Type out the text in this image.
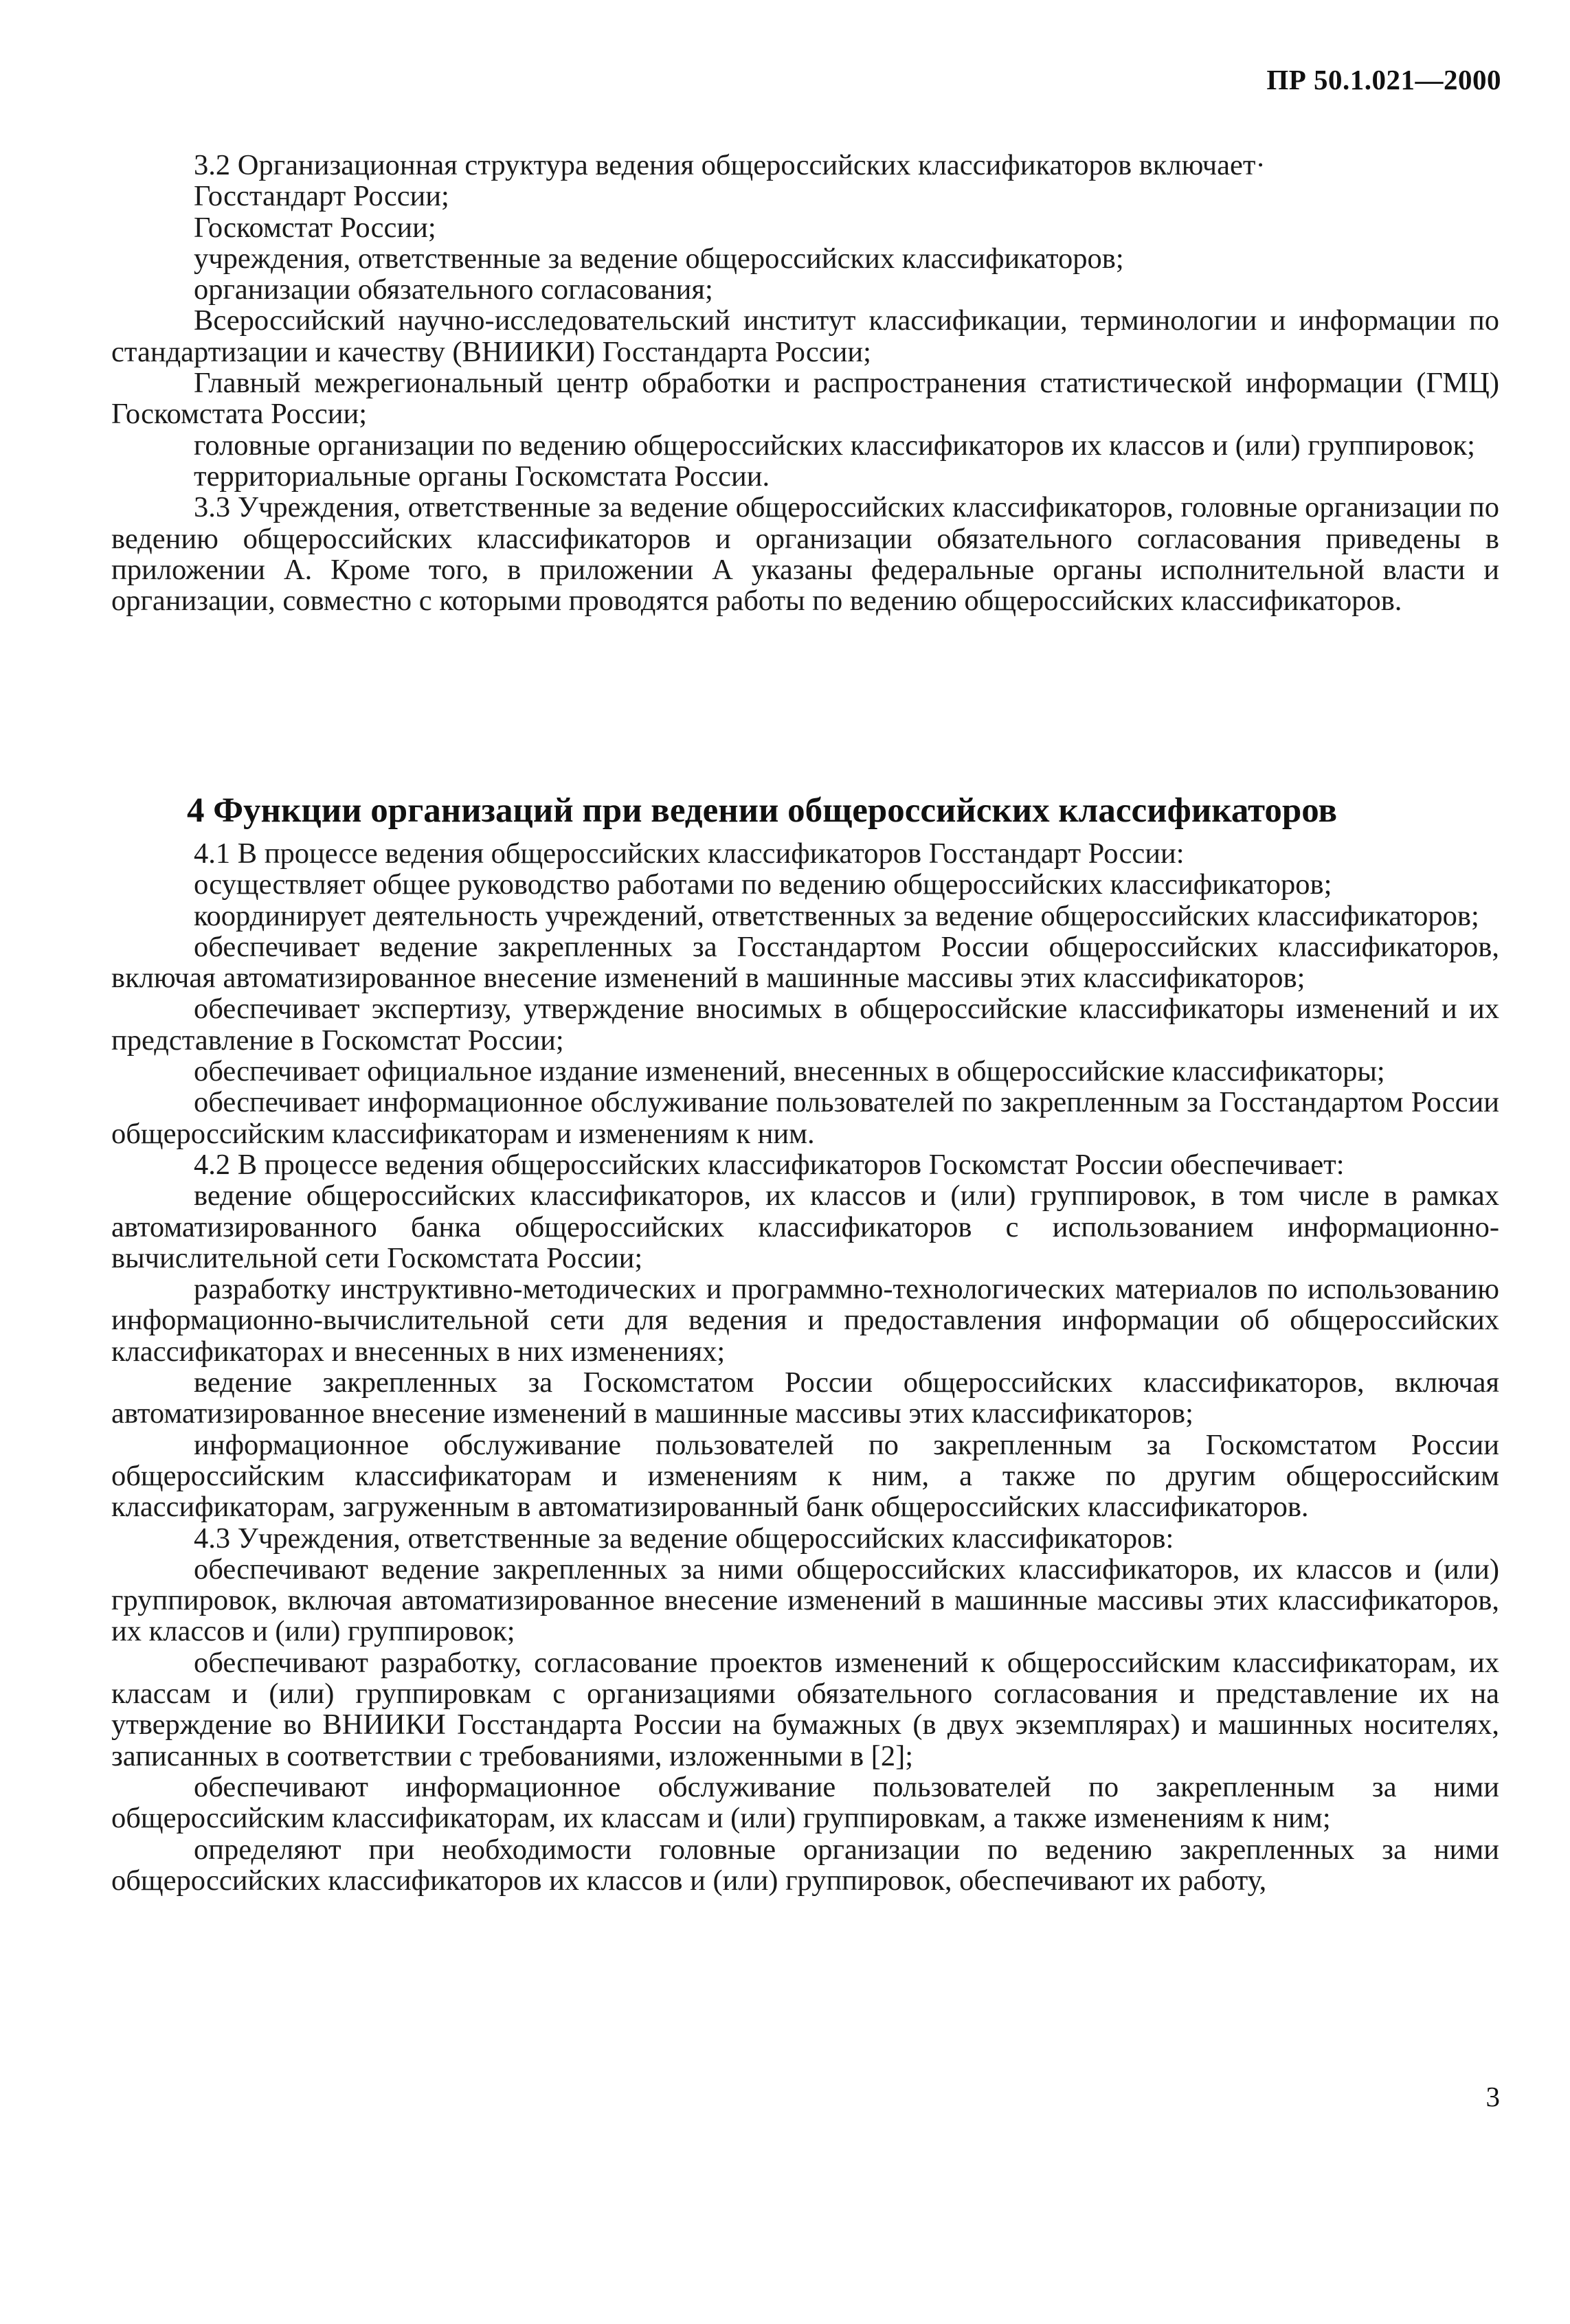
ПР 50.1.021—2000

3.2 Организационная структура ведения общероссийских классификаторов включает·

Госстандарт России;

Госкомстат России;

учреждения, ответственные за ведение общероссийских классификаторов;

организации обязательного согласования;

Всероссийский научно-исследовательский институт классификации, терминологии и информации по стандартизации и качеству (ВНИИКИ) Госстандарта России;

Главный межрегиональный центр обработки и распространения статистической информации (ГМЦ) Госкомстата России;

головные организации по ведению общероссийских классификаторов их классов и (или) группировок;

территориальные органы Госкомстата России.

3.3 Учреждения, ответственные за ведение общероссийских классификаторов, головные организации по ведению общероссийских классификаторов и организации обязательного согласования приведены в приложении А. Кроме того, в приложении А указаны федеральные органы исполнительной власти и организации, совместно с которыми проводятся работы по ведению общероссийских классификаторов.

4 Функции организаций при ведении общероссийских классификаторов

4.1 В процессе ведения общероссийских классификаторов Госстандарт России:

осуществляет общее руководство работами по ведению общероссийских классификаторов;

координирует деятельность учреждений, ответственных за ведение общероссийских классификаторов;

обеспечивает ведение закрепленных за Госстандартом России общероссийских классификаторов, включая автоматизированное внесение изменений в машинные массивы этих классификаторов;

обеспечивает экспертизу, утверждение вносимых в общероссийские классификаторы изменений и их представление в Госкомстат России;

обеспечивает официальное издание изменений, внесенных в общероссийские классификаторы;

обеспечивает информационное обслуживание пользователей по закрепленным за Госстандартом России общероссийским классификаторам и изменениям к ним.

4.2 В процессе ведения общероссийских классификаторов Госкомстат России обеспечивает:

ведение общероссийских классификаторов, их классов и (или) группировок, в том числе в рамках автоматизированного банка общероссийских классификаторов с использованием информационно-вычислительной сети Госкомстата России;

разработку инструктивно-методических и программно-технологических материалов по использованию информационно-вычислительной сети для ведения и предоставления информации об общероссийских классификаторах и внесенных в них изменениях;

ведение закрепленных за Госкомстатом России общероссийских классификаторов, включая автоматизированное внесение изменений в машинные массивы этих классификаторов;

информационное обслуживание пользователей по закрепленным за Госкомстатом России общероссийским классификаторам и изменениям к ним, а также по другим общероссийским классификаторам, загруженным в автоматизированный банк общероссийских классификаторов.

4.3 Учреждения, ответственные за ведение общероссийских классификаторов:

обеспечивают ведение закрепленных за ними общероссийских классификаторов, их классов и (или) группировок, включая автоматизированное внесение изменений в машинные массивы этих классификаторов, их классов и (или) группировок;

обеспечивают разработку, согласование проектов изменений к общероссийским классификаторам, их классам и (или) группировкам с организациями обязательного согласования и представление их на утверждение во ВНИИКИ Госстандарта России на бумажных (в двух экземплярах) и машинных носителях, записанных в соответствии с требованиями, изложенными в [2];

обеспечивают информационное обслуживание пользователей по закрепленным за ними общероссийским классификаторам, их классам и (или) группировкам, а также изменениям к ним;

определяют при необходимости головные организации по ведению закрепленных за ними общероссийских классификаторов их классов и (или) группировок, обеспечивают их работу,

3
